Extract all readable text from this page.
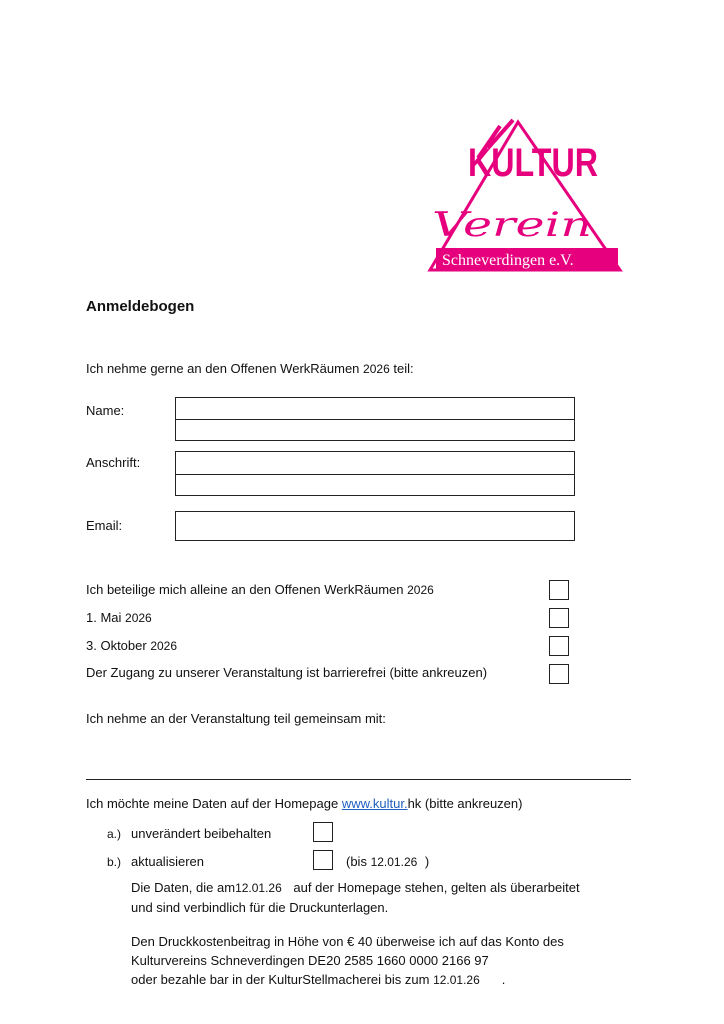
KULTUR
Verein
Schneverdingen e.V.
Anmeldebogen
Ich nehme gerne an den Offenen WerkRäumen 2026 teil:
Name:
Anschrift:
Email:
Ich beteilige mich alleine an den Offenen WerkRäumen 2026
1. Mai 2026
3. Oktober 2026
Der Zugang zu unserer Veranstaltung ist barrierefrei (bitte ankreuzen)
Ich nehme an der Veranstaltung teil gemeinsam mit:
Ich möchte meine Daten auf der Homepage www.kultur.hk (bitte ankreuzen)
a.) unverändert beibehalten
b.) aktualisieren	(bis 12.01.26 )
Die Daten, die am12.01.26 auf der Homepage stehen, gelten als überarbeitet
und sind verbindlich für die Druckunterlagen.
Den Druckkostenbeitrag in Höhe von € 40 überweise ich auf das Konto des
Kulturvereins Schneverdingen DE20 2585 1660 0000 2166 97
oder bezahle bar in der KulturStellmacherei bis zum 12.01.26 .
